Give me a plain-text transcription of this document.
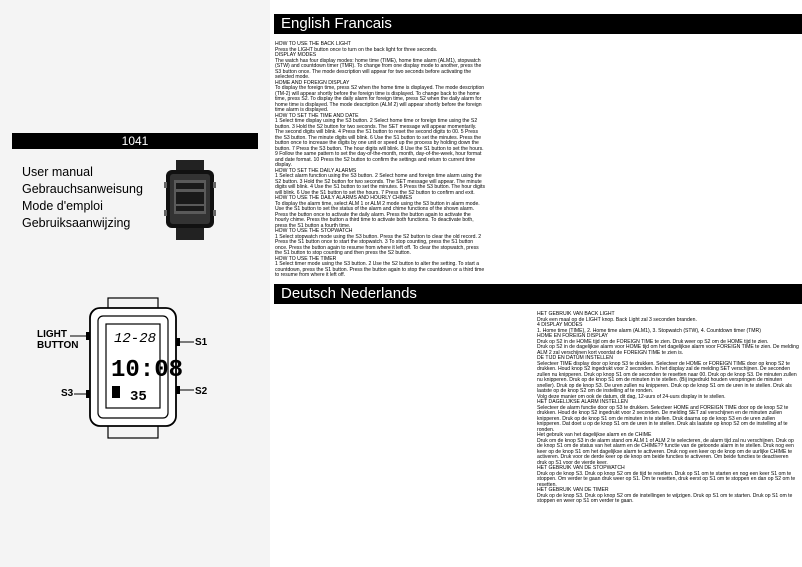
1041
User manual
Gebrauchsanweisung
Mode d'emploi
Gebruiksaanwijzing
LIGHT
BUTTON	S1
S2
S3
12-28
10:08
35
English Francais
Deutsch Nederlands

HOW TO USE THE BACK LIGHT

Press the LIGHT button once to turn on the back light for three seconds.

DISPLAY MODES

The watch has four display modes: home time (TIME), home time alarm (ALM1), stopwatch (STW) and countdown timer (TMR). To change from one display mode to another, press the S3 button once. The mode description will appear for two seconds before activating the selected mode.

HOME AND FOREIGN DISPLAY

To display the foreign time, press S2 when the home time is displayed. The mode description (TM-2) will appear shortly before the foreign time is displayed. To change back to the home time, press S2. To display the daily alarm for foreign time, press S2 when the daily alarm for home time is displayed. The mode description (ALM 2) will appear shortly before the foreign time alarm is displayed.

HOW TO SET THE TIME AND DATE

1 Select time display using the S3 button. 2 Select home time or foreign time using the S2 button. 3 Hold the S2 button for two seconds. The SET message will appear momentarily. The second digits will blink. 4 Press the S1 button to reset the second digits to 00. 5 Press the S3 button. The minute digits will blink. 6 Use the S1 button to set the minutes. Press the button once to increase the digits by one unit or speed up the process by holding down the button. 7 Press the S3 button. The hour digits will blink. 8 Use the S1 button to set the hours. 9 Follow the same pattern to set the day-of-the-month, month, day-of-the-week, hour format and date format. 10 Press the S2 button to confirm the settings and return to current time display.

HOW TO SET THE DAILY ALARMS

1 Select alarm function using the S3 button. 2 Select home and foreign time alarm using the S2 button. 3 Hold the S2 button for two seconds. The SET message will appear. The minute digits will blink. 4 Use the S1 button to set the minutes. 5 Press the S3 button. The hour digits will blink. 6 Use the S1 button to set the hours. 7 Press the S2 button to confirm and exit.

HOW TO USE THE DAILY ALARMS AND HOURLY CHIMES

To display the alarm time, select ALM 1 or ALM 2 mode using the S3 button in alarm mode. Use the S1 button to set the status of the alarm and chime functions of the shown alarm. Press the button once to activate the daily alarm. Press the button again to activate the hourly chime. Press the button a third time to activate both functions. To deactivate both, press the S1 button a fourth time.

HOW TO USE THE STOPWATCH

1 Select stopwatch mode using the S3 button. Press the S2 button to clear the old record. 2 Press the S1 button once to start the stopwatch. 3 To stop counting, press the S1 button once. Press the button again to resume from where it left off. To clear the stopwatch, press the S1 button to stop counting and then press the S2 button.

HOW TO USE THE TIMER

1 Select timer mode using the S3 button. 2 Use the S2 button to alter the setting. To start a countdown, press the S1 button. Press the button again to stop the countdown or a third time to resume from where it left off.

HET GEBRUIK VAN BACK LIGHT

Druk een maal op de LIGHT knop. Back Light zal 3 seconden branden.

4 DISPLAY MODES

1. Home time (TIME), 2. Home time alarm (ALM1), 3. Stopwatch (STW), 4. Countdown timer (TMR)

HOME EN FOREIGN DISPLAY

Druk op S2 in de HOME tijd om de FOREIGN TIME te zien. Druk weer op S2 om de HOME tijd te zien.

Druk op S2 in de dagelijkse alarm voor HOME tijd om het dagelijkse alarm voor FOREIGN TIME te zien. De melding ALM 2 zal verschijnen kort voordat de FOREIGN TIME te zien is.

DE TIJD EN DATUM INSTELLEN

Selecteer TIME display door op knop S3 te drukken. Selecteer de HOME or FOREIGN TIME door op knop S2 te drukken. Houd knop S2 ingedrukt voor 2 seconden. In het display zal de melding SET verschijnen. De seconden zullen nu knipperen. Druk op knop S1 om de seconden te resetten naar 00. Druk op de knop S3. De minuten zullen nu knipperen. Druk op de knop S1 om de minuten in te stellen. (Bij ingedrukt houden verspringen de minuten sneller). Druk op de knop S3. De uren zullen nu knipperen. Druk op de knop S1 om de uren in te stellen. Druk als laatste op de knop S2 om de instelling af te ronden.

Volg deze manier om ook de datum, dit dag, 12-uurs of 24-uurs display in te stellen.

HET DAGELIJKSE ALARM INSTELLEN

Selecteer de alarm functie door op S3 te drukken. Selecteer HOME and FOREIGN TIME door op de knop S2 te drukken. Houd de knop S2 ingedrukt voor 2 seconden. De melding SET zal verschijnen en de minuten zullen knipperen. Druk op de knop S1 om de minuten in te stellen. Druk daarna op de knop S3 en de uren zullen knipperen. Dat doet u op de knop S1 om de uren in te stellen. Druk als laatste op knop S2 om de instelling af te ronden.

Het gebruik van het dagelijkse alarm en de CHIME

Druk om de knop S3 in de alarm stand om ALM 1 of ALM 2 te selecteren, de alarm tijd zal nu verschijnen. Druk op de knop S1 om de status van het alarm en de CHIME?? functie van de getoonde alarm in te stellen. Druk nog een keer op de knop S1 om het dagelijkse alarm te activeren. Druk nog een keer op de knop om de uurlijke CHIME te activeren. Druk voor de derde keer op de knop om beide functies te activeren. Om beide functies te deactiveren druk op S1 voor de vierde keer.

HET GEBRUIK VAN DE STOPWATCH

Druk op de knop S3. Druk op knop S2 om de tijd te resetten. Druk op S1 om te starten en nog een keer S1 om te stoppen. Om verder te gaan druk weer op S1. Om te resetten, druk eerst op S1 om te stoppen en dan op S2 om te resetten.

HET GEBRUIK VAN DE TIMER

Druk op de knop S3. Druk op knop S2 om de instellingen te wijzigen. Druk op S1 om te starten. Druk op S1 om te stoppen en weer op S1 om verder te gaan.
